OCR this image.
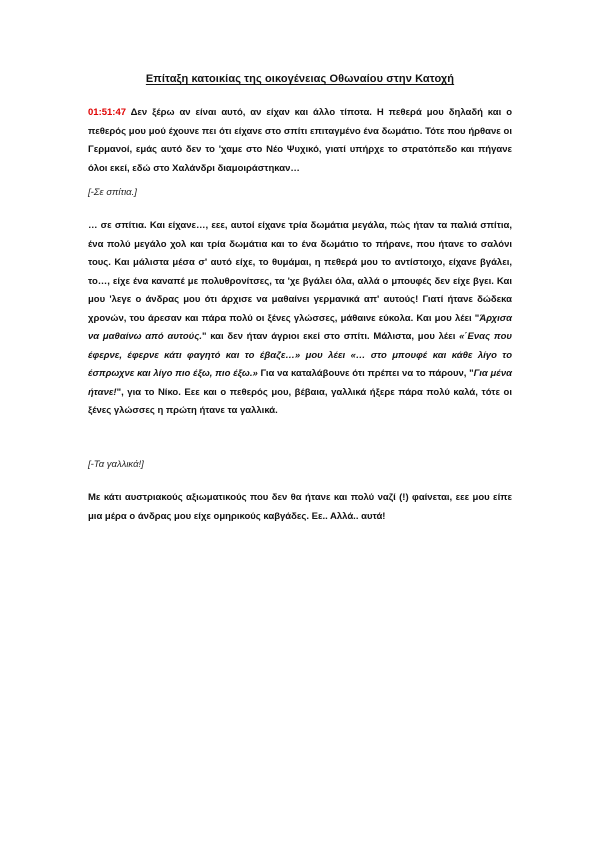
Επίταξη κατοικίας της οικογένειας Οθωναίου στην Κατοχή
01:51:47 Δεν ξέρω αν είναι αυτό, αν είχαν και άλλο τίποτα. Η πεθερά μου δηλαδή και ο πεθερός μου μού έχουνε πει ότι είχανε στο σπίτι επιταγμένο ένα δωμάτιο. Τότε που ήρθανε οι Γερμανοί, εμάς αυτό δεν το 'χαμε στο Νέο Ψυχικό, γιατί υπήρχε το στρατόπεδο και πήγανε όλοι εκεί, εδώ στο Χαλάνδρι διαμοιράστηκαν…
[-Σε σπίτια.]
… σε σπίτια. Και είχανε…, εεε, αυτοί είχανε τρία δωμάτια μεγάλα, πώς ήταν τα παλιά σπίτια, ένα πολύ μεγάλο χολ και τρία δωμάτια και το ένα δωμάτιο το πήρανε, που ήτανε το σαλόνι τους. Και μάλιστα μέσα σ' αυτό είχε, το θυμάμαι, η πεθερά μου το αντίστοιχο, είχανε βγάλει, το…, είχε ένα καναπέ με πολυθρονίτσες, τα 'χε βγάλει όλα, αλλά ο μπουφές δεν είχε βγει. Και μου 'λεγε ο άνδρας μου ότι άρχισε να μαθαίνει γερμανικά απ' αυτούς! Γιατί ήτανε δώδεκα χρονών, του άρεσαν και πάρα πολύ οι ξένες γλώσσες, μάθαινε εύκολα. Και μου λέει "Άρχισα να μαθαίνω από αυτούς." και δεν ήταν άγριοι εκεί στο σπίτι. Μάλιστα, μου λέει «΄Ενας που έφερνε, έφερνε κάτι φαγητό και το έβαζε…» μου λέει «… στο μπουφέ και κάθε λίγο το έσπρωχνε και λίγο πιο έξω, πιο έξω.» Για να καταλάβουνε ότι πρέπει να το πάρουν, "Για μένα ήτανε!", για το Νίκο. Εεε και ο πεθερός μου, βέβαια, γαλλικά ήξερε πάρα πολύ καλά, τότε οι ξένες γλώσσες η πρώτη ήτανε τα γαλλικά.
[-Τα γαλλικά!]
Με κάτι αυστριακούς αξιωματικούς που δεν θα ήτανε και πολύ ναζί (!) φαίνεται, εεε μου είπε μια μέρα ο άνδρας μου είχε ομηρικούς καβγάδες. Εε.. Αλλά.. αυτά!
